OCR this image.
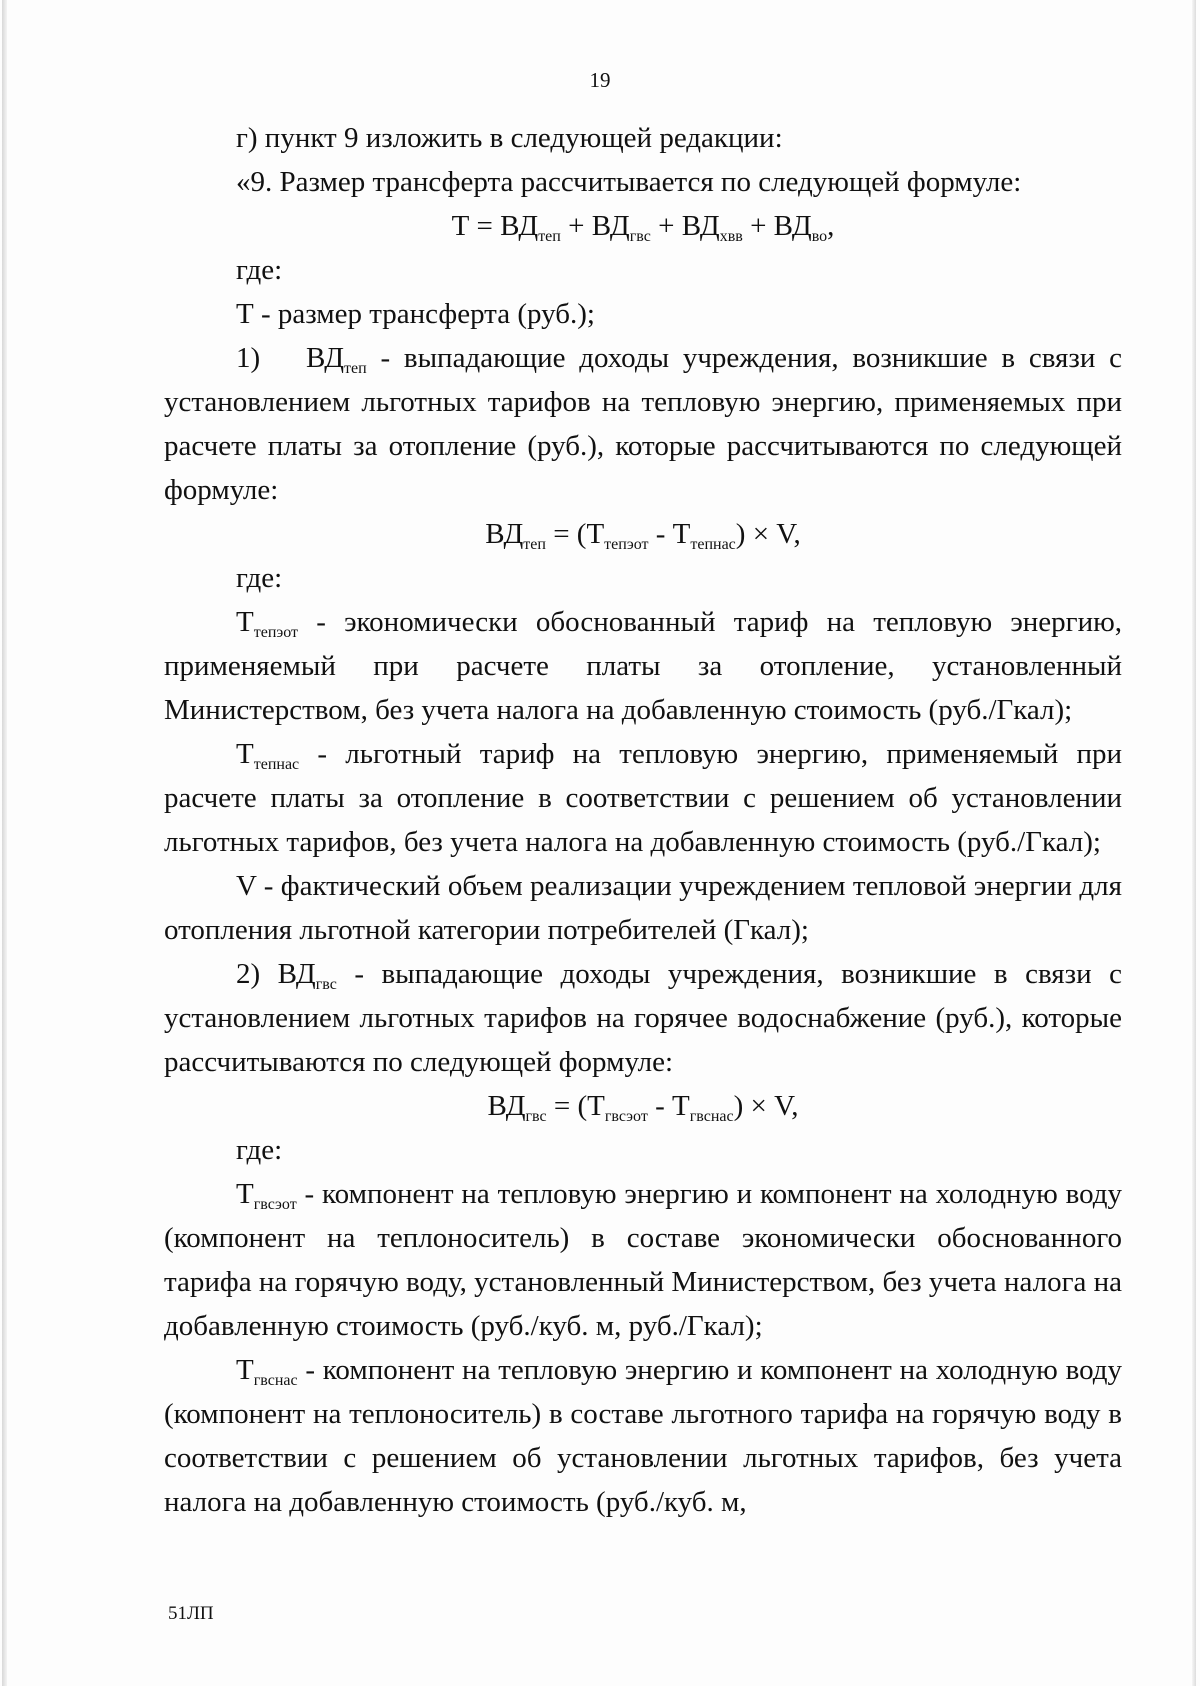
19

г) пункт 9 изложить в следующей редакции:

«9. Размер трансферта рассчитывается по следующей формуле:

$Т = ВД_{теп} + ВД_{гвс} + ВД_{хвв} + ВД_{во}$,

где:

Т - размер трансферта (руб.);

1) $ВД_{теп}$ - выпадающие доходы учреждения, возникшие в связи с установлением льготных тарифов на тепловую энергию, применяемых при расчете платы за отопление (руб.), которые рассчитываются по следующей формуле:

$ВД_{теп} = (Т_{тепэот} - Т_{тепнас}) \times V$,

где:

$Т_{тепэот}$ - экономически обоснованный тариф на тепловую энергию, применяемый при расчете платы за отопление, установленный Министерством, без учета налога на добавленную стоимость (руб./Гкал);

$Т_{тепнас}$ - льготный тариф на тепловую энергию, применяемый при расчете платы за отопление в соответствии с решением об установлении льготных тарифов, без учета налога на добавленную стоимость (руб./Гкал);

V - фактический объем реализации учреждением тепловой энергии для отопления льготной категории потребителей (Гкал);

2) $ВД_{гвс}$ - выпадающие доходы учреждения, возникшие в связи с установлением льготных тарифов на горячее водоснабжение (руб.), которые рассчитываются по следующей формуле:

$ВД_{гвс} = (Т_{гвсэот} - Т_{гвснас}) \times V$,

где:

$Т_{гвсэот}$ - компонент на тепловую энергию и компонент на холодную воду (компонент на теплоноситель) в составе экономически обоснованного тарифа на горячую воду, установленный Министерством, без учета налога на добавленную стоимость (руб./куб. м, руб./Гкал);

$Т_{гвснас}$ - компонент на тепловую энергию и компонент на холодную воду (компонент на теплоноситель) в составе льготного тарифа на горячую воду в соответствии с решением об установлении льготных тарифов, без учета налога на добавленную стоимость (руб./куб. м,

51ЛП
